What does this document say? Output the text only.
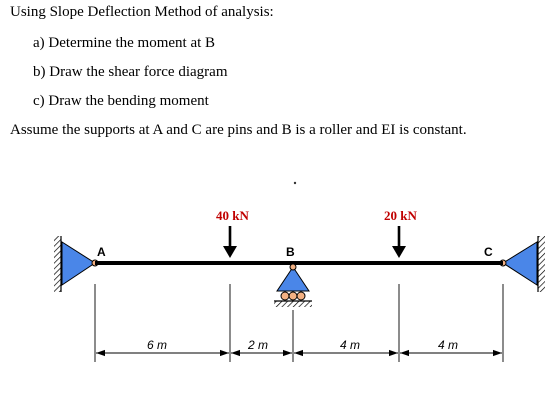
Using Slope Deflection Method of analysis:
a) Determine the moment at B
b) Draw the shear force diagram
c) Draw the bending moment
Assume the supports at A and C are pins and B is a roller and EI is constant.
A	B	C
40 kN	20 kN
6 m	2 m	4 m	4 m
